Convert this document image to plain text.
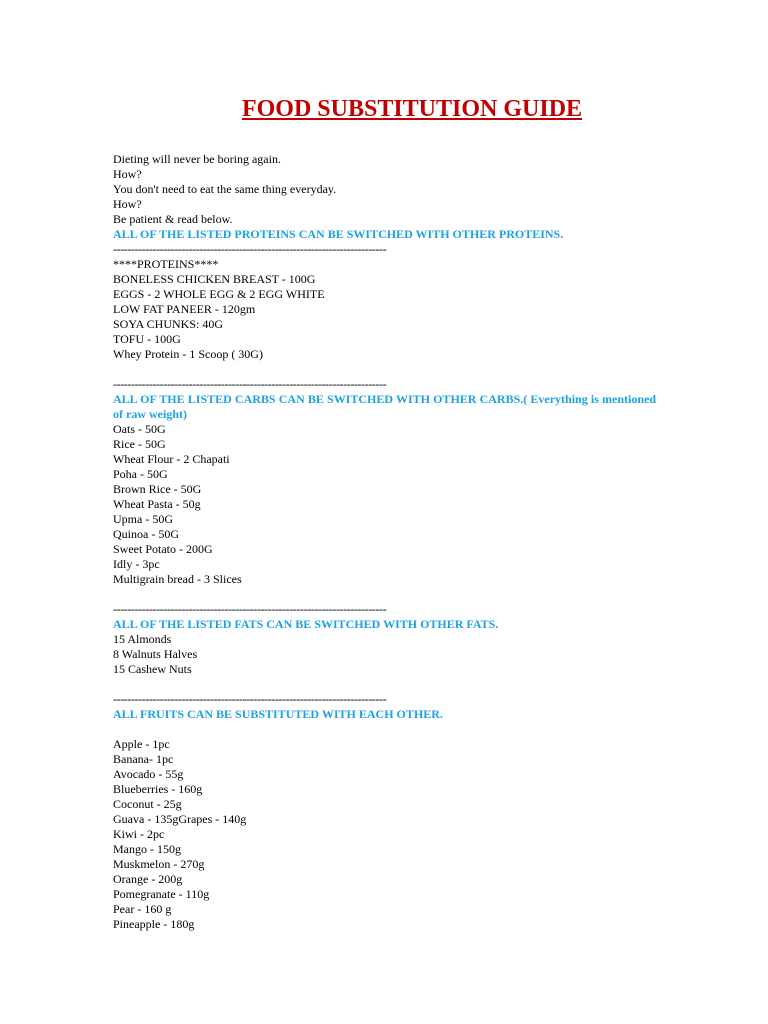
FOOD SUBSTITUTION GUIDE
Dieting will never be boring again.
How?
You don't need to eat the same thing everyday.
How?
Be patient & read below.
ALL OF THE LISTED PROTEINS CAN BE SWITCHED WITH OTHER PROTEINS.
----------------------------------------------------------------------------
****PROTEINS****
BONELESS CHICKEN BREAST - 100G
EGGS - 2 WHOLE EGG & 2 EGG WHITE
LOW FAT PANEER - 120gm
SOYA CHUNKS: 40G
TOFU - 100G
Whey Protein - 1 Scoop ( 30G)
----------------------------------------------------------------------------
ALL OF THE LISTED CARBS CAN BE SWITCHED WITH OTHER CARBS.( Everything is mentioned of raw weight)
Oats - 50G
Rice - 50G
Wheat Flour - 2 Chapati
Poha - 50G
Brown Rice - 50G
Wheat Pasta - 50g
Upma - 50G
Quinoa - 50G
Sweet Potato - 200G
Idly - 3pc
Multigrain bread - 3 Slices
----------------------------------------------------------------------------
ALL OF THE LISTED FATS CAN BE SWITCHED WITH OTHER FATS.
15 Almonds
8 Walnuts Halves
15 Cashew Nuts
----------------------------------------------------------------------------
ALL FRUITS CAN BE SUBSTITUTED WITH EACH OTHER.
Apple - 1pc
Banana- 1pc
Avocado - 55g
Blueberries - 160g
Coconut - 25g
Guava - 135gGrapes - 140g
Kiwi - 2pc
Mango - 150g
Muskmelon - 270g
Orange - 200g
Pomegranate - 110g
Pear - 160 g
Pineapple - 180g
